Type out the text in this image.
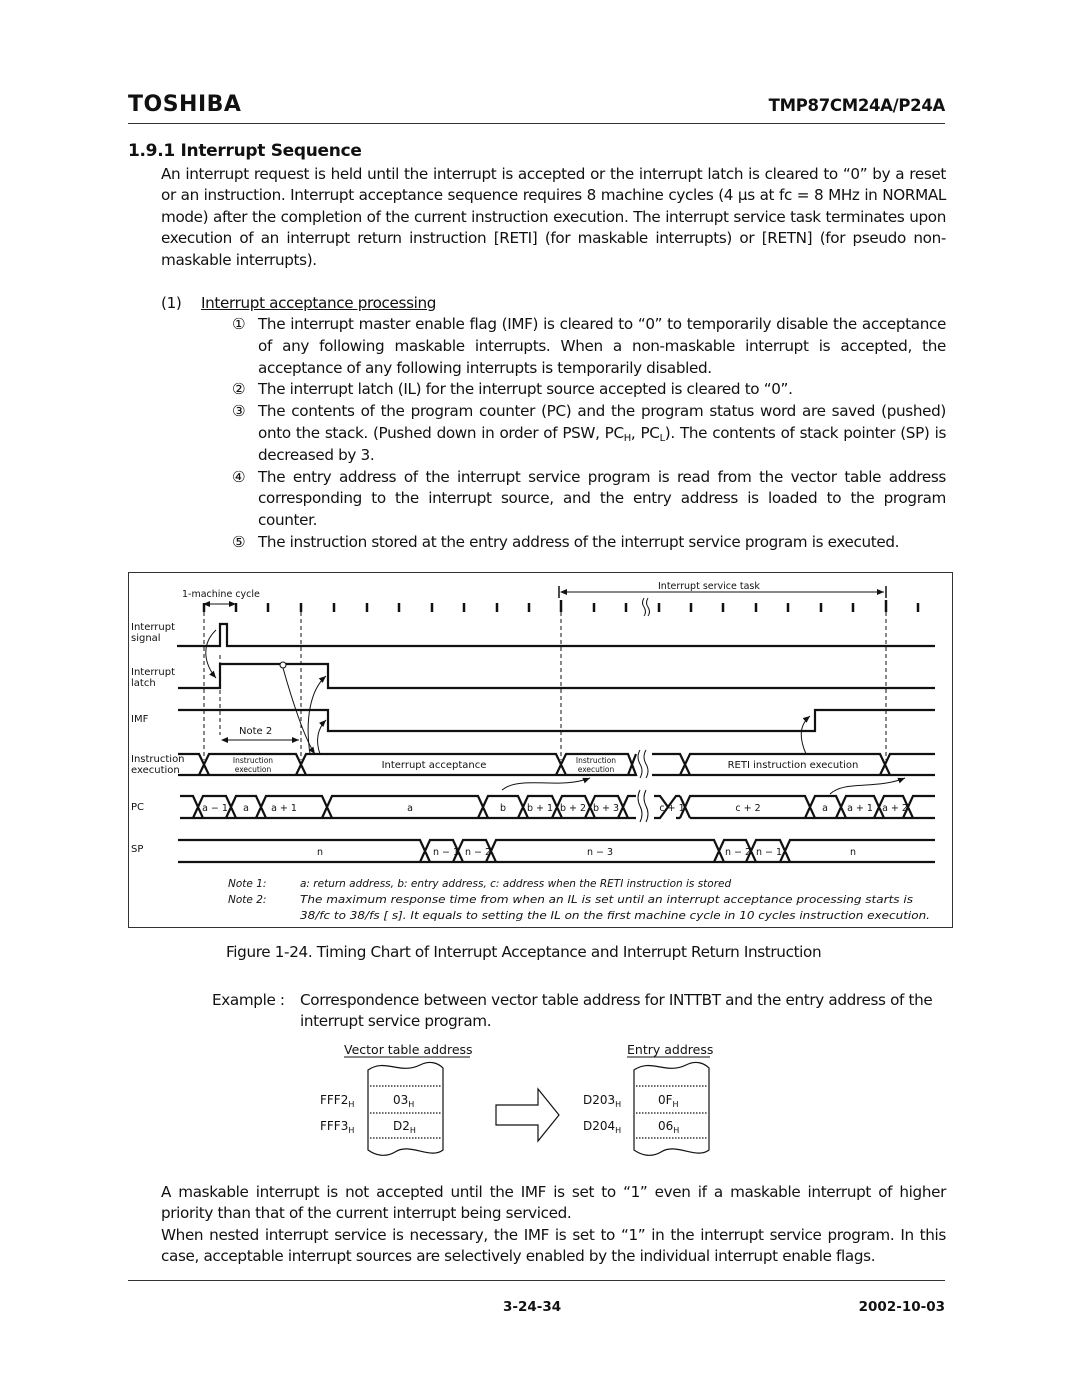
TOSHIBA	TMP87CM24A/P24A
1.9.1 Interrupt Sequence

An interrupt request is held until the interrupt is accepted or the interrupt latch is cleared to “0” by a reset or an instruction. Interrupt acceptance sequence requires 8 machine cycles (4 µs at fc = 8 MHz in NORMAL mode) after the completion of the current instruction execution. The interrupt service task terminates upon execution of an interrupt return instruction [RETI] (for maskable interrupts) or [RETN] (for pseudo non-maskable interrupts).

(1) Interrupt acceptance processing
① The interrupt master enable flag (IMF) is cleared to “0” to temporarily disable the acceptance of any following maskable interrupts. When a non-maskable interrupt is accepted, the acceptance of any following interrupts is temporarily disabled.
② The interrupt latch (IL) for the interrupt source accepted is cleared to “0”.
③ The contents of the program counter (PC) and the program status word are saved (pushed) onto the stack. (Pushed down in order of PSW, $PC_H$, $PC_L$). The contents of stack pointer (SP) is decreased by 3.
④ The entry address of the interrupt service program is read from the vector table address corresponding to the interrupt source, and the entry address is loaded to the program counter.
⑤ The instruction stored at the entry address of the interrupt service program is executed.
1-machine cycle
Interrupt service task
Interrupt
signal
Interrupt
latch
IMF
Instruction
execution
PC
SP
Note 2
Instruction
execution	Interrupt acceptance	Instruction
execution	RETI instruction execution
a − 1 a a + 1	a	b b + 1 b + 2 b + 3	c + 1	c + 2	a a + 1 a + 2
n	n − 1 n − 2	n − 3	n − 2 n − 1	n
Note 1:	a: return address, b: entry address, c: address when the RETI instruction is stored
Note 2:	The maximum response time from when an IL is set until an interrupt acceptance processing starts is
38/fc to 38/fs [ s]. It equals to setting the IL on the first machine cycle in 10 cycles instruction execution.
Figure 1-24. Timing Chart of Interrupt Acceptance and Interrupt Return Instruction
Example :	Correspondence between vector table address for INTTBT and the entry address of the interrupt service program.
Vector table address	Entry address
$FFF2_H$	$03_H$
$FFF3_H$	$D2_H$
$D203_H$	$0F_H$
$D204_H$	$06_H$

A maskable interrupt is not accepted until the IMF is set to “1” even if a maskable interrupt of higher priority than that of the current interrupt being serviced.

When nested interrupt service is necessary, the IMF is set to “1” in the interrupt service program. In this case, acceptable interrupt sources are selectively enabled by the individual interrupt enable flags.

3-24-34	2002-10-03
